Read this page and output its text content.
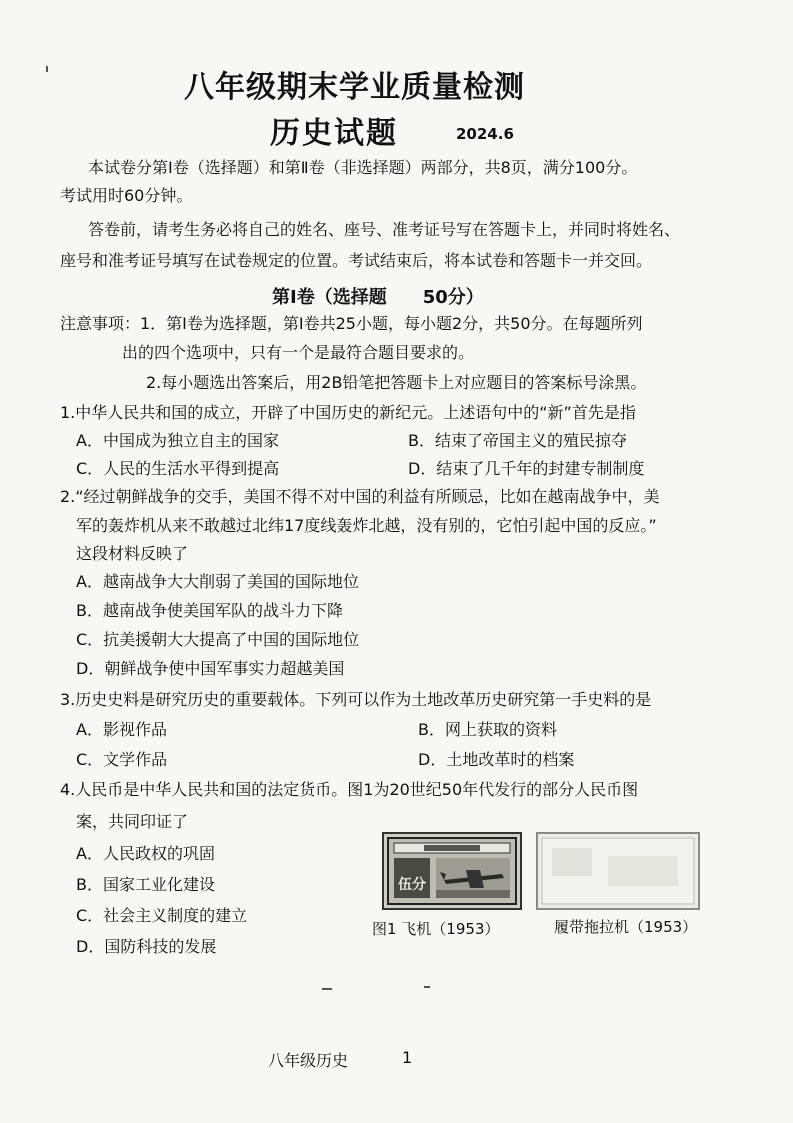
八年级期末学业质量检测
历史试题	2024.6
本试卷分第Ⅰ卷（选择题）和第Ⅱ卷（非选择题）两部分，共8页，满分100分。
考试用时60分钟。
答卷前，请考生务必将自己的姓名、座号、准考证号写在答题卡上，并同时将姓名、
座号和准考证号填写在试卷规定的位置。考试结束后，将本试卷和答题卡一并交回。
第Ⅰ卷（选择题　　50分）
注意事项：1．第Ⅰ卷为选择题，第Ⅰ卷共25小题，每小题2分，共50分。在每题所列
出的四个选项中，只有一个是最符合题目要求的。
2.每小题选出答案后，用2B铅笔把答题卡上对应题目的答案标号涂黑。
1.中华人民共和国的成立，开辟了中国历史的新纪元。上述语句中的“新”首先是指
A．中国成为独立自主的国家	B．结束了帝国主义的殖民掠夺
C．人民的生活水平得到提高	D．结束了几千年的封建专制制度
2.“经过朝鲜战争的交手，美国不得不对中国的利益有所顾忌，比如在越南战争中，美
军的轰炸机从来不敢越过北纬17度线轰炸北越，没有别的，它怕引起中国的反应。”
这段材料反映了
A．越南战争大大削弱了美国的国际地位
B．越南战争使美国军队的战斗力下降
C．抗美援朝大大提高了中国的国际地位
D．朝鲜战争使中国军事实力超越美国
3.历史史料是研究历史的重要载体。下列可以作为土地改革历史研究第一手史料的是
A．影视作品	B．网上获取的资料
C．文学作品	D．土地改革时的档案
4.人民币是中华人民共和国的法定货币。图1为20世纪50年代发行的部分人民币图
案，共同印证了
A．人民政权的巩固
B．国家工业化建设
C．社会主义制度的建立
D．国防科技的发展
伍分
图1 飞机（1953）	履带拖拉机（1953）
八年级历史	1
